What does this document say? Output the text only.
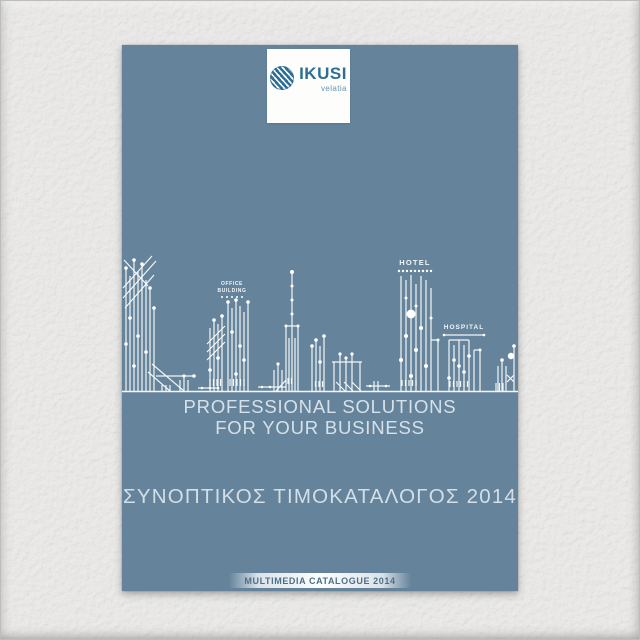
IKUSI
velatia
OFFICE
BUILDING
HOTEL
HOSPITAL
PROFESSIONAL SOLUTIONS
FOR YOUR BUSINESS
ΣΥΝΟΠΤΙΚΟΣ ΤΙΜΟΚΑΤΑΛΟΓΟΣ 2014
MULTIMEDIA CATALOGUE 2014
